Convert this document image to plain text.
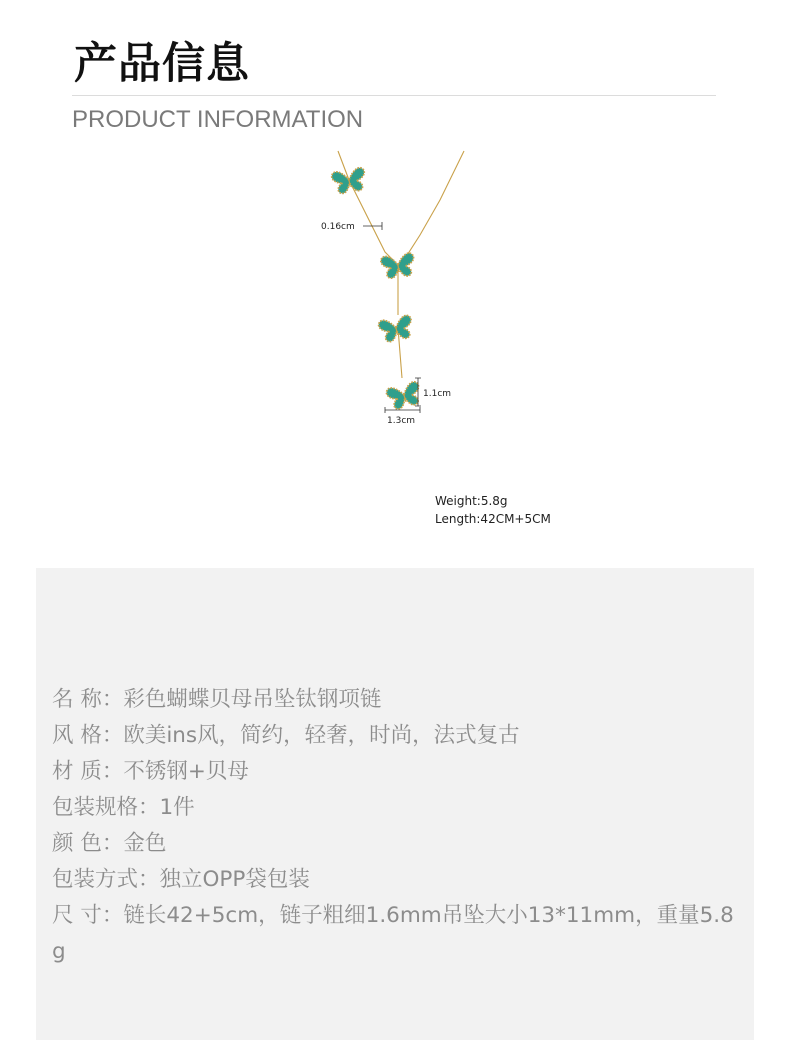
产品信息
PRODUCT INFORMATION
0.16cm
1.1cm
1.3cm
Weight:5.8g
Length:42CM+5CM
名 称：彩色蝴蝶贝母吊坠钛钢项链
风 格：欧美ins风，简约，轻奢，时尚，法式复古
材 质：不锈钢+贝母
包装规格：1件
颜 色：金色
包装方式：独立OPP袋包装
尺 寸：链长42+5cm，链子粗细1.6mm吊坠大小13*11mm，重量5.8g
